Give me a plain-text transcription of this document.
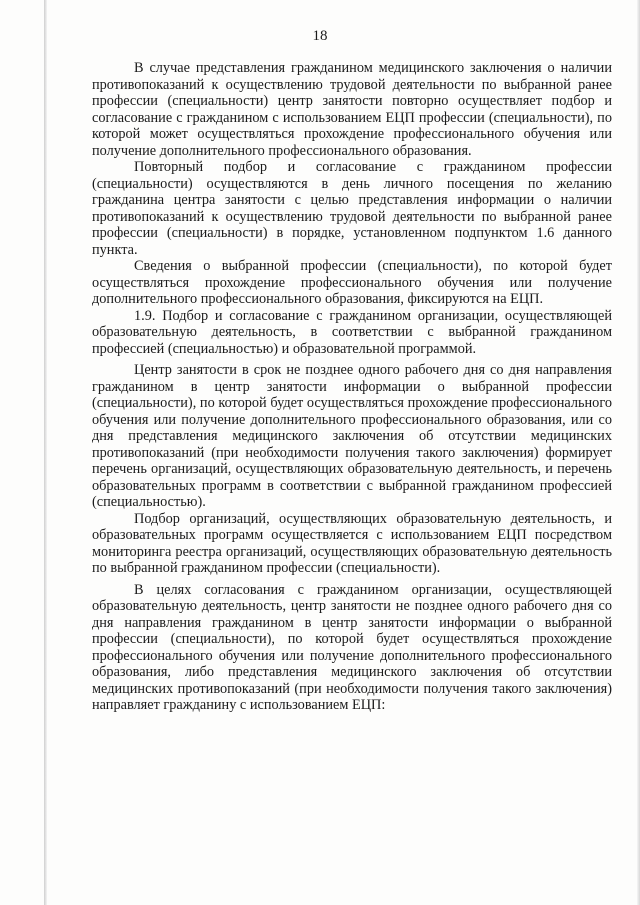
18

В случае представления гражданином медицинского заключения о наличии противопоказаний к осуществлению трудовой деятельности по выбранной ранее профессии (специальности) центр занятости повторно осуществляет подбор и согласование с гражданином с использованием ЕЦП профессии (специальности), по которой может осуществляться прохождение профессионального обучения или получение дополнительного профессионального образования.

Повторный подбор и согласование с гражданином профессии (специальности) осуществляются в день личного посещения по желанию гражданина центра занятости с целью представления информации о наличии противопоказаний к осуществлению трудовой деятельности по выбранной ранее профессии (специальности) в порядке, установленном подпунктом 1.6 данного пункта.

Сведения о выбранной профессии (специальности), по которой будет осуществляться прохождение профессионального обучения или получение дополнительного профессионального образования, фиксируются на ЕЦП.

1.9. Подбор и согласование с гражданином организации, осуществляющей образовательную деятельность, в соответствии с выбранной гражданином профессией (специальностью) и образовательной программой.

Центр занятости в срок не позднее одного рабочего дня со дня направления гражданином в центр занятости информации о выбранной профессии (специальности), по которой будет осуществляться прохождение профессионального обучения или получение дополнительного профессионального образования, или со дня представления медицинского заключения об отсутствии медицинских противопоказаний (при необходимости получения такого заключения) формирует перечень организаций, осуществляющих образовательную деятельность, и перечень образовательных программ в соответствии с выбранной гражданином профессией (специальностью).

Подбор организаций, осуществляющих образовательную деятельность, и образовательных программ осуществляется с использованием ЕЦП посредством мониторинга реестра организаций, осуществляющих образовательную деятельность по выбранной гражданином профессии (специальности).

В целях согласования с гражданином организации, осуществляющей образовательную деятельность, центр занятости не позднее одного рабочего дня со дня направления гражданином в центр занятости информации о выбранной профессии (специальности), по которой будет осуществляться прохождение профессионального обучения или получение дополнительного профессионального образования, либо представления медицинского заключения об отсутствии медицинских противопоказаний (при необходимости получения такого заключения) направляет гражданину с использованием ЕЦП:
